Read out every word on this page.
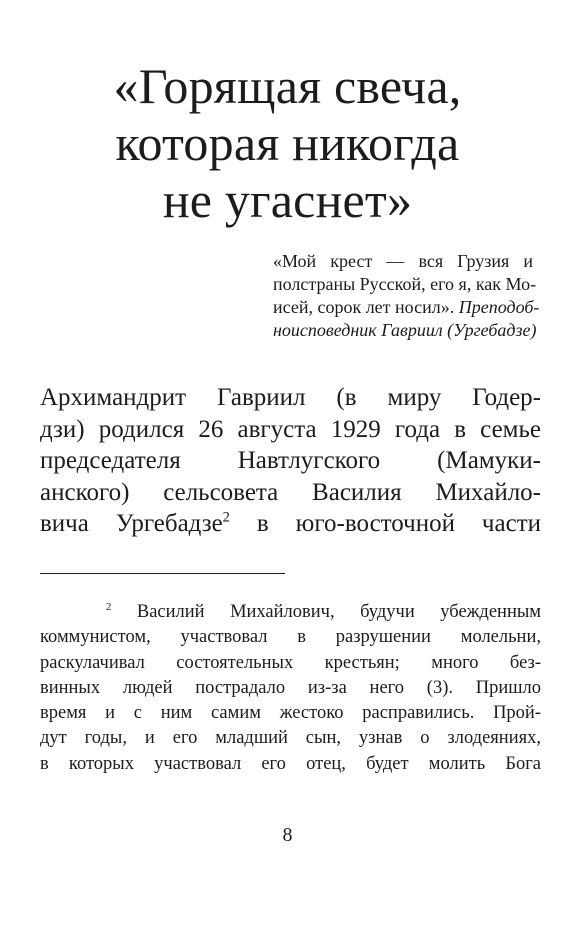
«Горящая свеча,
которая никогда
не угаснет»
«Мой крест — вся Грузия и
полстраны Русской, его я, как Мо-
исей, сорок лет носил». Преподоб-
ноисповедник Гавриил (Ургебадзе)
Архимандрит Гавриил (в миру Годер-
дзи) родился 26 августа 1929 года в семье
председателя Навтлугского (Мамуки-
анского) сельсовета Василия Михайло-
вича Ургебадзе$^2$ в юго-восточной части
$^2$ Василий Михайлович, будучи убежденным
коммунистом, участвовал в разрушении молельни,
раскулачивал состоятельных крестьян; много без-
винных людей пострадало из-за него (3). Пришло
время и с ним самим жестоко расправились. Прой-
дут годы, и его младший сын, узнав о злодеяниях,
в которых участвовал его отец, будет молить Бога
8
